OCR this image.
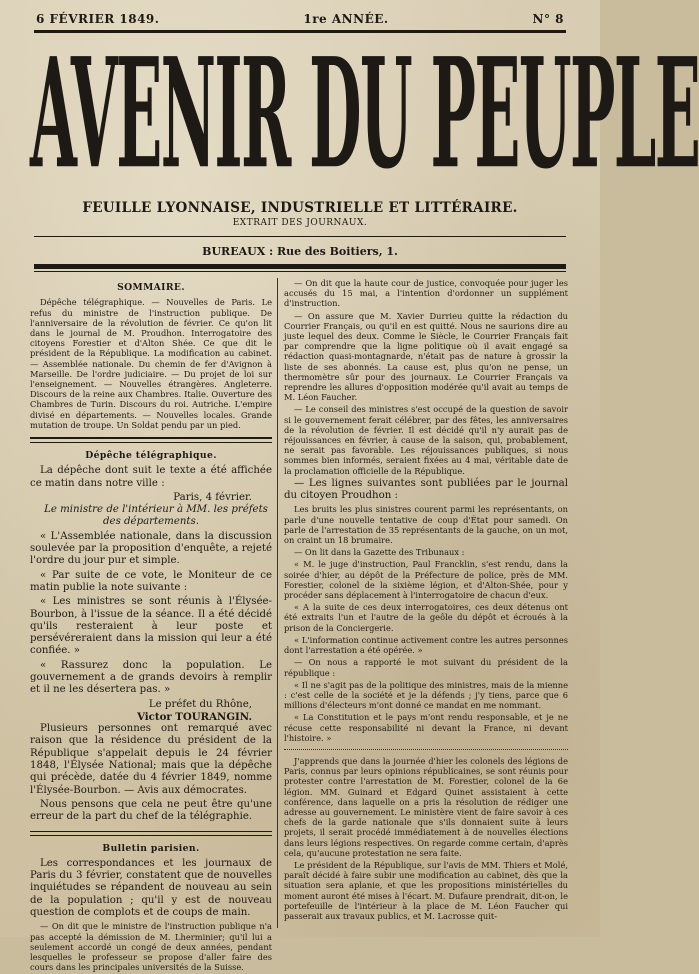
6 FÉVRIER 1849.	1re ANNÉE.	N° 8
AVENIR DU PEUPLE
FEUILLE LYONNAISE, INDUSTRIELLE ET LITTÉRAIRE.
EXTRAIT DES JOURNAUX.
BUREAUX : Rue des Boitiers, 1.
SOMMAIRE.
Dépêche télégraphique. — Nouvelles de Paris. Le refus du ministre de l'instruction publique. De l'anniversaire de la révolution de février. Ce qu'on lit dans le journal de M. Proudhon. Interrogatoire des citoyens Forestier et d'Alton Shée. Ce que dit le président de la République. La modification au cabinet. — Assemblée nationale. Du chemin de fer d'Avignon à Marseille. De l'ordre judiciaire. — Du projet de loi sur l'enseignement. — Nouvelles étrangères. Angleterre. Discours de la reine aux Chambres. Italie. Ouverture des Chambres de Turin. Discours du roi. Autriche. L'empire divisé en départements. — Nouvelles locales. Grande mutation de troupe. Un Soldat pendu par un pied.
Dépêche télégraphique.
La dépêche dont suit le texte a été affichée ce matin dans notre ville :
Paris, 4 février.
Le ministre de l'intérieur à MM. les préfets des départements.
« L'Assemblée nationale, dans la discussion soulevée par la proposition d'enquête, a rejeté l'ordre du jour pur et simple.
« Par suite de ce vote, le Moniteur de ce matin publie la note suivante :
« Les ministres se sont réunis à l'Élysée-Bourbon, à l'issue de la séance. Il a été décidé qu'ils resteraient à leur poste et persévéreraient dans la mission qui leur a été confiée. »
« Rassurez donc la population. Le gouvernement a de grands devoirs à remplir et il ne les désertera pas. »
Le préfet du Rhône,
Victor TOURANGIN.
Plusieurs personnes ont remarqué avec raison que la résidence du président de la République s'appelait depuis le 24 février 1848, l'Élysée National; mais que la dépêche qui précède, datée du 4 février 1849, nomme l'Élysée-Bourbon. — Avis aux démocrates.
Nous pensons que cela ne peut être qu'une erreur de la part du chef de la télégraphie.
Bulletin parisien.
Les correspondances et les journaux de Paris du 3 février, constatent que de nouvelles inquiétudes se répandent de nouveau au sein de la population ; qu'il y est de nouveau question de complots et de coups de main.
— On dit que le ministre de l'instruction publique n'a pas accepté la démission de M. Lherminier; qu'il lui a seulement accordé un congé de deux années, pendant lesquelles le professeur se propose d'aller faire des cours dans les principales universités de la Suisse.
— On dit que la haute cour de justice, convoquée pour juger les accusés du 15 mai, a l'intention d'ordonner un supplément d'instruction.
— On assure que M. Xavier Durrieu quitte la rédaction du Courrier Français, ou qu'il en est quitté. Nous ne saurions dire au juste lequel des deux. Comme le Siècle, le Courrier Français fait par comprendre que la ligne politique où il avait engagé sa rédaction quasi-montagnarde, n'était pas de nature à grossir la liste de ses abonnés. La cause est, plus qu'on ne pense, un thermomètre sûr pour des journaux. Le Courrier Français va reprendre les allures d'opposition modérée qu'il avait au temps de M. Léon Faucher.
— Le conseil des ministres s'est occupé de la question de savoir si le gouvernement ferait célébrer, par des fêtes, les anniversaires de la révolution de février. Il est décidé qu'il n'y aurait pas de réjouissances en février, à cause de la saison, qui, probablement, ne serait pas favorable. Les réjouissances publiques, si nous sommes bien informés, seraient fixées au 4 mai, véritable date de la proclamation officielle de la République.
— Les lignes suivantes sont publiées par le journal du citoyen Proudhon :
Les bruits les plus sinistres courent parmi les représentants, on parle d'une nouvelle tentative de coup d'État pour samedi. On parle de l'arrestation de 35 représentants de la gauche, on un mot, on craint un 18 brumaire.
— On lit dans la Gazette des Tribunaux :
« M. le juge d'instruction, Paul Francklin, s'est rendu, dans la soirée d'hier, au dépôt de la Préfecture de police, près de MM. Forestier, colonel de la sixième légion, et d'Alton-Shée, pour y procéder sans déplacement à l'interrogatoire de chacun d'eux.
« A la suite de ces deux interrogatoires, ces deux détenus ont été extraits l'un et l'autre de la geôle du dépôt et écroués à la prison de la Conciergerie.
« L'information continue activement contre les autres personnes dont l'arrestation a été opérée. »
— On nous a rapporté le mot suivant du président de la république :
« Il ne s'agit pas de la politique des ministres, mais de la mienne : c'est celle de la société et je la défends ; j'y tiens, parce que 6 millions d'électeurs m'ont donné ce mandat en me nommant.
« La Constitution et le pays m'ont rendu responsable, et je ne récuse cette responsabilité ni devant la France, ni devant l'histoire. »
J'apprends que dans la journée d'hier les colonels des légions de Paris, connus par leurs opinions républicaines, se sont réunis pour protester contre l'arrestation de M. Forestier, colonel de la 6e légion. MM. Guinard et Edgard Quinet assistaient à cette conférence, dans laquelle on a pris la résolution de rédiger une adresse au gouvernement. Le ministère vient de faire savoir à ces chefs de la garde nationale que s'ils donnaient suite à leurs projets, il serait procédé immédiatement à de nouvelles élections dans leurs légions respectives. On regarde comme certain, d'après cela, qu'aucune protestation ne sera faite.
Le président de la République, sur l'avis de MM. Thiers et Molé, paraît décidé à faire subir une modification au cabinet, dès que la situation sera aplanie, et que les propositions ministérielles du moment auront été mises à l'écart. M. Dufaure prendrait, dit-on, le portefeuille de l'intérieur à la place de M. Léon Faucher qui passerait aux travaux publics, et M. Lacrosse quit-
